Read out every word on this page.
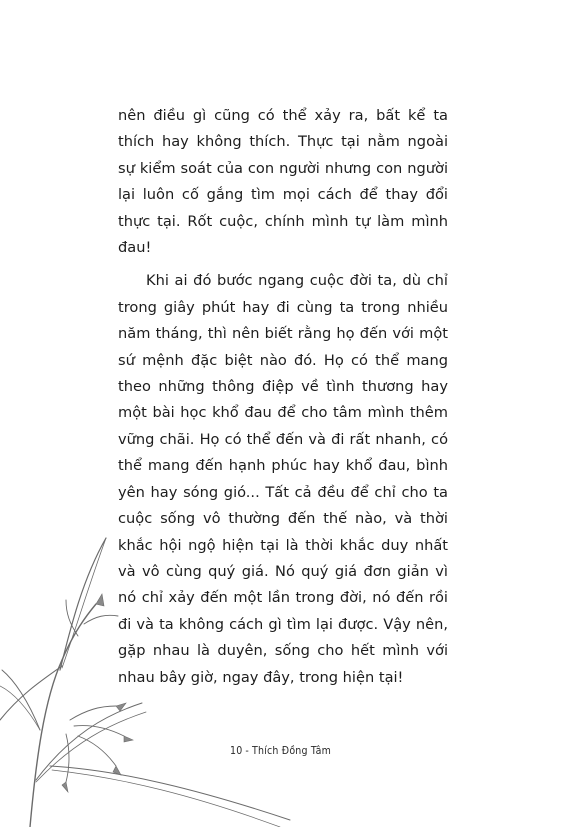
nên điều gì cũng có thể xảy ra, bất kể ta thích hay không thích. Thực tại nằm ngoài sự kiểm soát của con người nhưng con người lại luôn cố gắng tìm mọi cách để thay đổi thực tại. Rốt cuộc, chính mình tự làm mình đau!

Khi ai đó bước ngang cuộc đời ta, dù chỉ trong giây phút hay đi cùng ta trong nhiều năm tháng, thì nên biết rằng họ đến với một sứ mệnh đặc biệt nào đó. Họ có thể mang theo những thông điệp về tình thương hay một bài học khổ đau để cho tâm mình thêm vững chãi. Họ có thể đến và đi rất nhanh, có thể mang đến hạnh phúc hay khổ đau, bình yên hay sóng gió... Tất cả đều để chỉ cho ta cuộc sống vô thường đến thế nào, và thời khắc hội ngộ hiện tại là thời khắc duy nhất và vô cùng quý giá. Nó quý giá đơn giản vì nó chỉ xảy đến một lần trong đời, nó đến rồi đi và ta không cách gì tìm lại được. Vậy nên, gặp nhau là duyên, sống cho hết mình với nhau bây giờ, ngay đây, trong hiện tại!

10 - Thích Đồng Tâm
